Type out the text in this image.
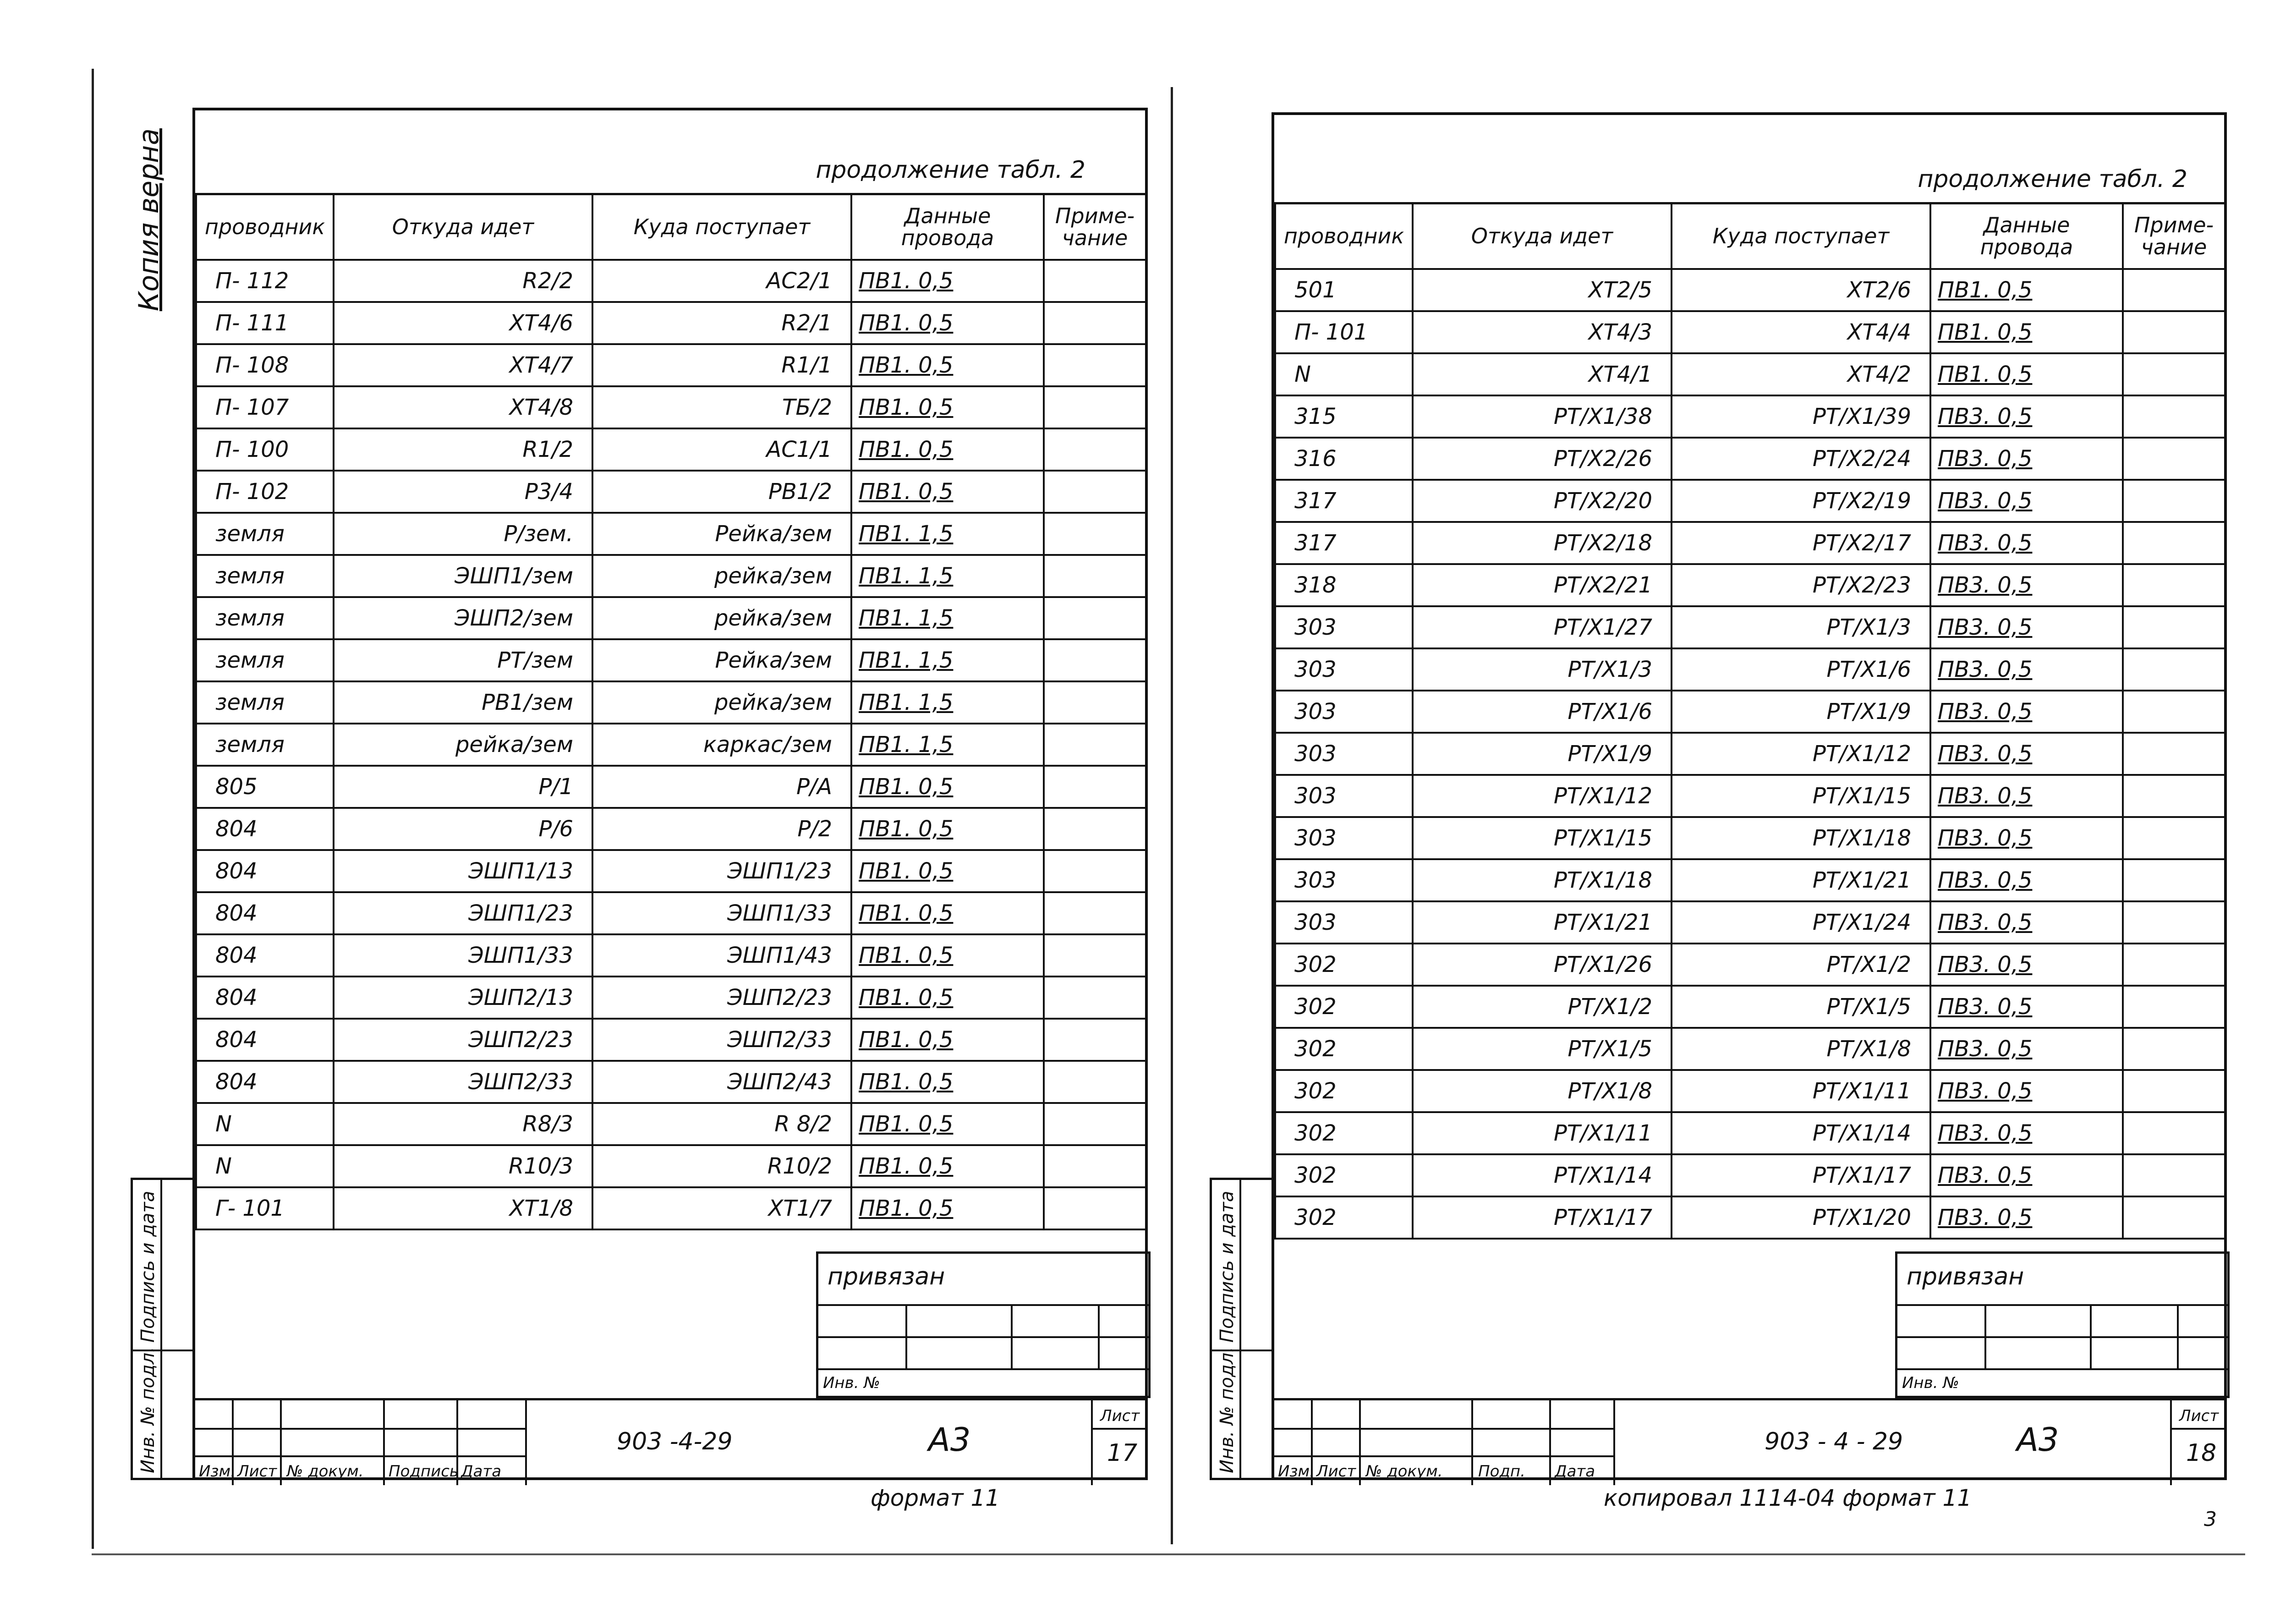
Копия верна	продолжение табл. 2
проводник	Откуда идет	Куда поступает	Данные провода	Приме-чание
П- 112	R2/2	AC2/1	ПВ1. 0,5	
П- 111	XT4/6	R2/1	ПВ1. 0,5	
П- 108	XT4/7	R1/1	ПВ1. 0,5	
П- 107	XT4/8	ТБ/2	ПВ1. 0,5	
П- 100	R1/2	AC1/1	ПВ1. 0,5	
П- 102	P3/4	PB1/2	ПВ1. 0,5	
земля	P/зем.	Рейка/зем	ПВ1. 1,5	
земля	ЭШП1/зем	рейка/зем	ПВ1. 1,5	
земля	ЭШП2/зем	рейка/зем	ПВ1. 1,5	
земля	PT/зем	Рейка/зем	ПВ1. 1,5	
земля	PB1/зем	рейка/зем	ПВ1. 1,5	
земля	рейка/зем	каркас/зем	ПВ1. 1,5	
805	P/1	P/A	ПВ1. 0,5	
804	P/6	P/2	ПВ1. 0,5	
804	ЭШП1/13	ЭШП1/23	ПВ1. 0,5	
804	ЭШП1/23	ЭШП1/33	ПВ1. 0,5	
804	ЭШП1/33	ЭШП1/43	ПВ1. 0,5	
804	ЭШП2/13	ЭШП2/23	ПВ1. 0,5	
804	ЭШП2/23	ЭШП2/33	ПВ1. 0,5	
804	ЭШП2/33	ЭШП2/43	ПВ1. 0,5	
N	R8/3	R 8/2	ПВ1. 0,5	
N	R10/3	R10/2	ПВ1. 0,5	
Г- 101	XT1/8	XT1/7	ПВ1. 0,5	
привязан
Инв. №
Изм. Лист № докум. Подпись Дата
903 -4-29	А3
Лист
17
Инв. № подл.
Подпись и дата
формат 11
продолжение табл. 2
проводник	Откуда идет	Куда поступает	Данные провода	Приме-чание
501	XT2/5	XT2/6	ПВ1. 0,5	
П- 101	XT4/3	XT4/4	ПВ1. 0,5	
N	XT4/1	XT4/2	ПВ1. 0,5	
315	PT/X1/38	PT/X1/39	ПВ3. 0,5	
316	PT/X2/26	PT/X2/24	ПВ3. 0,5	
317	PT/X2/20	PT/X2/19	ПВ3. 0,5	
317	PT/X2/18	PT/X2/17	ПВ3. 0,5	
318	PT/X2/21	PT/X2/23	ПВ3. 0,5	
303	PT/X1/27	PT/X1/3	ПВ3. 0,5	
303	PT/X1/3	PT/X1/6	ПВ3. 0,5	
303	PT/X1/6	PT/X1/9	ПВ3. 0,5	
303	PT/X1/9	PT/X1/12	ПВ3. 0,5	
303	PT/X1/12	PT/X1/15	ПВ3. 0,5	
303	PT/X1/15	PT/X1/18	ПВ3. 0,5	
303	PT/X1/18	PT/X1/21	ПВ3. 0,5	
303	PT/X1/21	PT/X1/24	ПВ3. 0,5	
302	PT/X1/26	PT/X1/2	ПВ3. 0,5	
302	PT/X1/2	PT/X1/5	ПВ3. 0,5	
302	PT/X1/5	PT/X1/8	ПВ3. 0,5	
302	PT/X1/8	PT/X1/11	ПВ3. 0,5	
302	PT/X1/11	PT/X1/14	ПВ3. 0,5	
302	PT/X1/14	PT/X1/17	ПВ3. 0,5	
302	PT/X1/17	PT/X1/20	ПВ3. 0,5	
привязан
Инв. №
Изм. Лист № докум. Подп. Дата
903 - 4 - 29	А3
Лист
18
Инв. № подл.
Подпись и дата
копировал 1114-04 формат 11
3
